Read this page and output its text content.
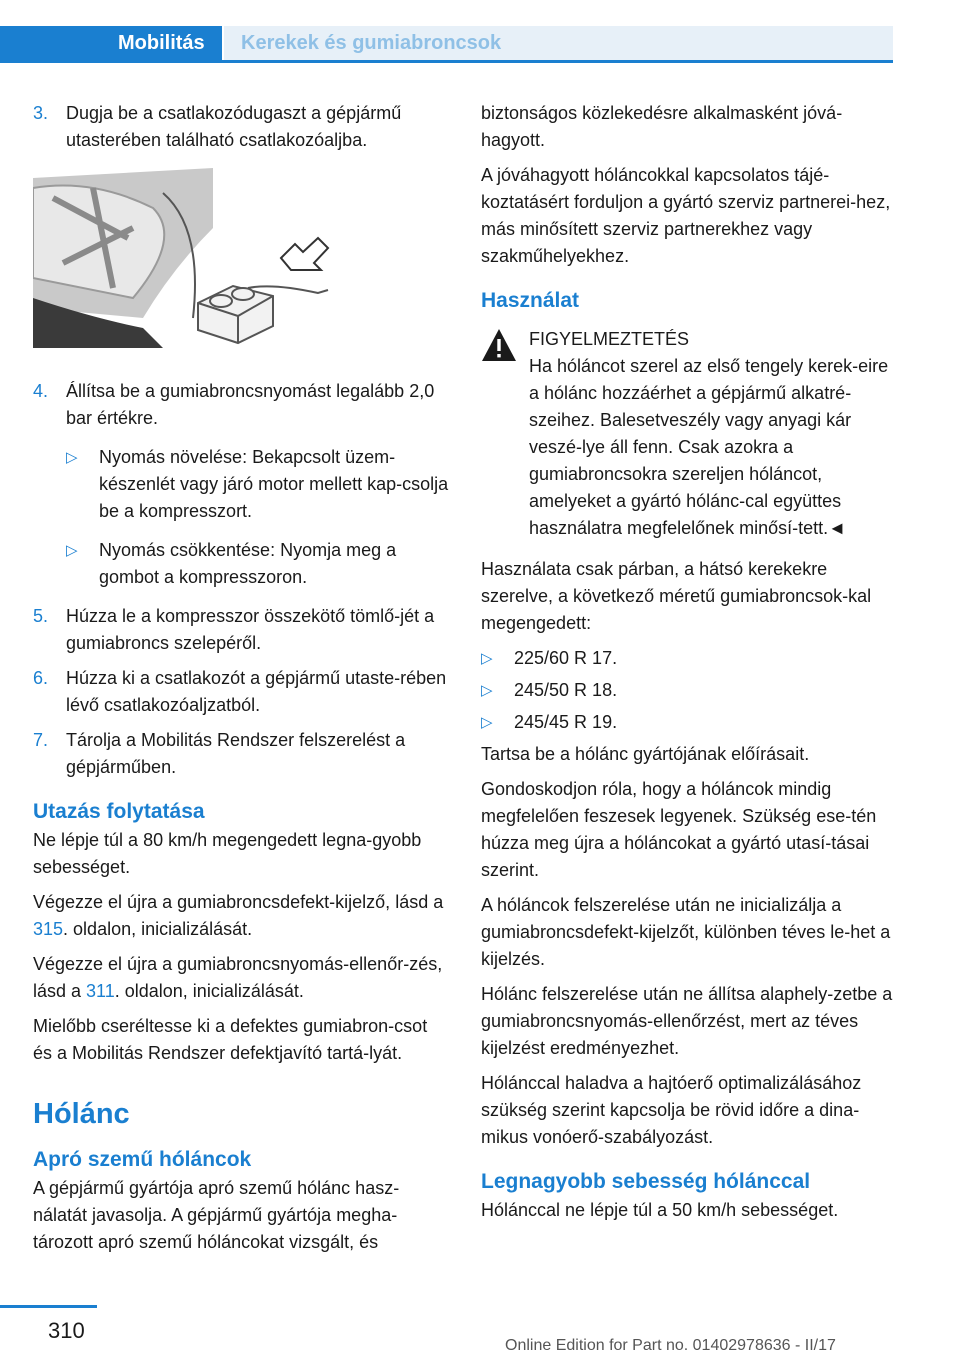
Mobilitás	Kerekek és gumiabroncsok
3. Dugja be a csatlakozódugaszt a gépjármű utasterében található csatlakozóaljba.
4. Állítsa be a gumiabroncsnyomást legalább 2,0 bar értékre.
▷ Nyomás növelése: Bekapcsolt üzem-készenlét vagy járó motor mellett kap-csolja be a kompresszort.
▷ Nyomás csökkentése: Nyomja meg a gombot a kompresszoron.
5. Húzza le a kompresszor összekötő tömlő-jét a gumiabroncs szelepéről.
6. Húzza ki a csatlakozót a gépjármű utaste-rében lévő csatlakozóaljzatból.
7. Tárolja a Mobilitás Rendszer felszerelést a gépjárműben.
Utazás folytatása

Ne lépje túl a 80 km/h megengedett legna-gyobb sebességet.

Végezze el újra a gumiabroncsdefekt-kijelző, lásd a 315. oldalon, inicializálását.

Végezze el újra a gumiabroncsnyomás-ellenőr-zés, lásd a 311. oldalon, inicializálását.

Mielőbb cseréltesse ki a defektes gumiabron-csot és a Mobilitás Rendszer defektjavító tartá-lyát.

Hólánc
Apró szemű hóláncok

A gépjármű gyártója apró szemű hólánc hasz-nálatát javasolja. A gépjármű gyártója megha-tározott apró szemű hóláncokat vizsgált, és

biztonságos közlekedésre alkalmasként jóvá-hagyott.

A jóváhagyott hóláncokkal kapcsolatos tájé-koztatásért forduljon a gyártó szerviz partnerei-hez, más minősített szerviz partnerekhez vagy szakműhelyekhez.

Használat
FIGYELMEZTETÉS
Ha hóláncot szerel az első tengely kerek-eire a hólánc hozzáérhet a gépjármű alkatré-szeihez. Balesetveszély vagy anyagi kár veszé-lye áll fenn. Csak azokra a gumiabroncsokra szereljen hóláncot, amelyeket a gyártó hólánc-cal együttes használatra megfelelőnek minősí-tett.◄

Használata csak párban, a hátsó kerekekre szerelve, a következő méretű gumiabroncsok-kal megengedett:

▷ 225/60 R 17.
▷ 245/50 R 18.
▷ 245/45 R 19.

Tartsa be a hólánc gyártójának előírásait.

Gondoskodjon róla, hogy a hóláncok mindig megfelelően feszesek legyenek. Szükség ese-tén húzza meg újra a hóláncokat a gyártó utasí-tásai szerint.

A hóláncok felszerelése után ne inicializálja a gumiabroncsdefekt-kijelzőt, különben téves le-het a kijelzés.

Hólánc felszerelése után ne állítsa alaphely-zetbe a gumiabroncsnyomás-ellenőrzést, mert az téves kijelzést eredményezhet.

Hólánccal haladva a hajtóerő optimalizálásához szükség szerint kapcsolja be rövid időre a dina-mikus vonóerő-szabályozást.

Legnagyobb sebesség hólánccal

Hólánccal ne lépje túl a 50 km/h sebességet.

310
Online Edition for Part no. 01402978636 - II/17
